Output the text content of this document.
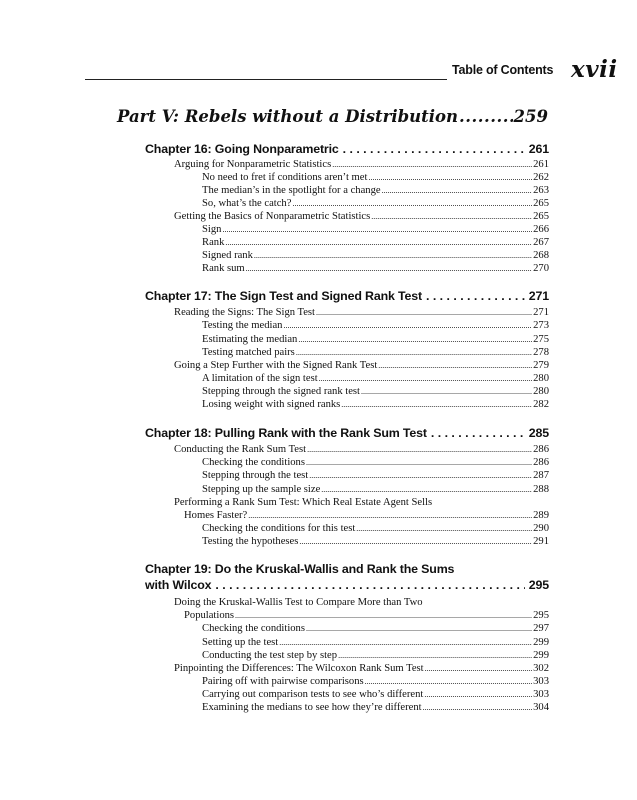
Table of Contents xvii
Part V: Rebels without a Distribution .....	259
Chapter 16: Going Nonparametric .....	261
Arguing for Nonparametric Statistics .....	261
No need to fret if conditions aren’t met .....	262
The median’s in the spotlight for a change .....	263
So, what’s the catch? .....	265
Getting the Basics of Nonparametric Statistics .....	265
Sign .....	266
Rank .....	267
Signed rank .....	268
Rank sum .....	270
Chapter 17: The Sign Test and Signed Rank Test .....	271
Reading the Signs: The Sign Test .....	271
Testing the median .....	273
Estimating the median .....	275
Testing matched pairs .....	278
Going a Step Further with the Signed Rank Test .....	279
A limitation of the sign test .....	280
Stepping through the signed rank test .....	280
Losing weight with signed ranks .....	282
Chapter 18: Pulling Rank with the Rank Sum Test .....	285
Conducting the Rank Sum Test .....	286
Checking the conditions .....	286
Stepping through the test .....	287
Stepping up the sample size .....	288
Performing a Rank Sum Test: Which Real Estate Agent Sells
Homes Faster? .....	289
Checking the conditions for this test .....	290
Testing the hypotheses .....	291
Chapter 19: Do the Kruskal-Wallis and Rank the Sums
with Wilcox .....	295
Doing the Kruskal-Wallis Test to Compare More than Two
Populations .....	295
Checking the conditions .....	297
Setting up the test .....	299
Conducting the test step by step .....	299
Pinpointing the Differences: The Wilcoxon Rank Sum Test .....	302
Pairing off with pairwise comparisons .....	303
Carrying out comparison tests to see who’s different .....	303
Examining the medians to see how they’re different .....	304
